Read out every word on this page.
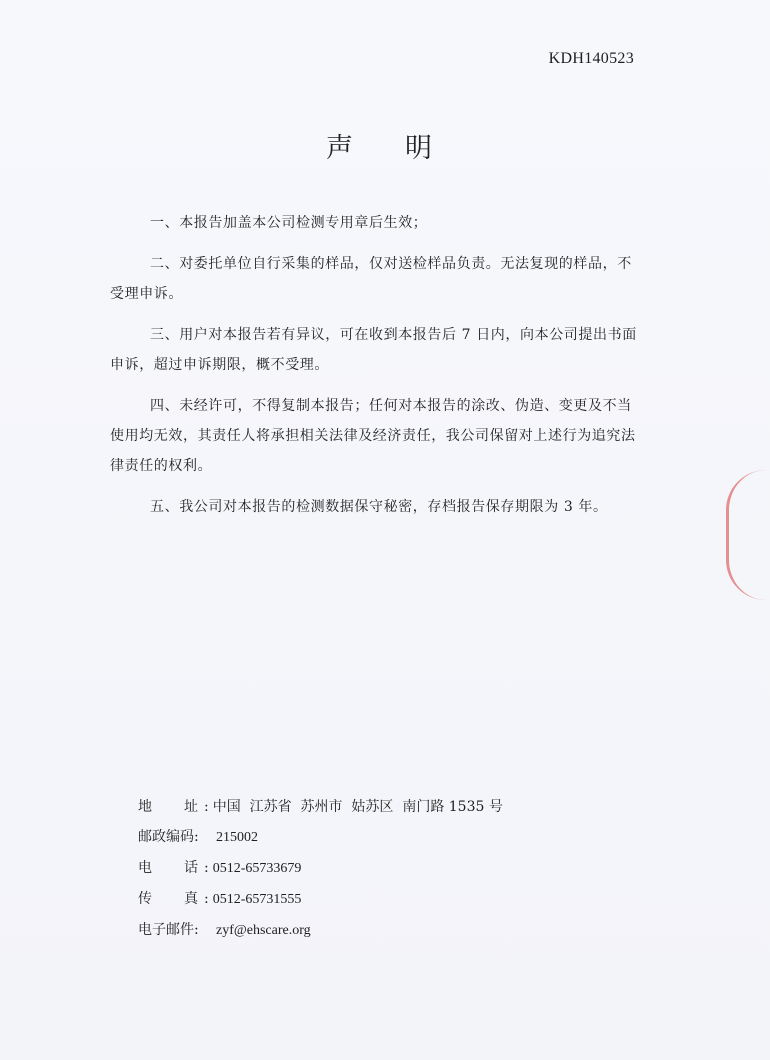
KDH140523
声明

一、本报告加盖本公司检测专用章后生效；

二、对委托单位自行采集的样品，仅对送检样品负责。无法复现的样品，不受理申诉。

三、用户对本报告若有异议，可在收到本报告后 7 日内，向本公司提出书面申诉，超过申诉期限，概不受理。

四、未经许可，不得复制本报告；任何对本报告的涂改、伪造、变更及不当使用均无效，其责任人将承担相关法律及经济责任，我公司保留对上述行为追究法律责任的权利。

五、我公司对本报告的检测数据保守秘密，存档报告保存期限为 3 年。

地 址 : 中国  江苏省  苏州市  姑苏区  南门路 1535 号
邮政编码:	215002
电 话 : 0512-65733679
传 真 : 0512-65731555
电子邮件:	zyf@ehscare.org
